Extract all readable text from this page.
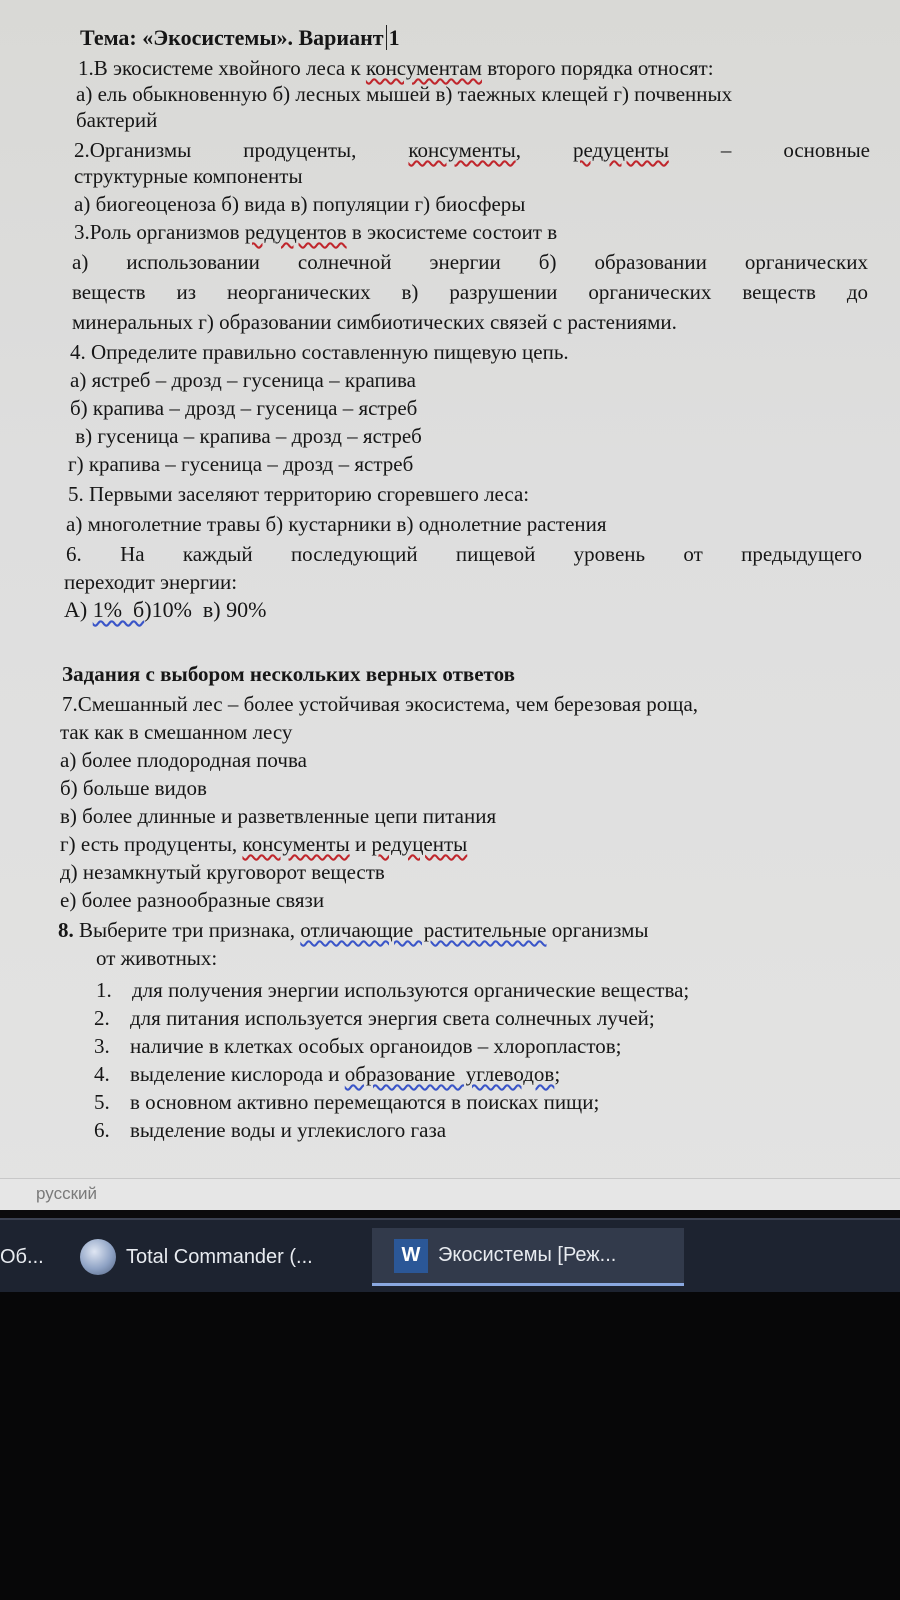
Тема: «Экосистемы». Вариант 1

1.В экосистеме хвойного леса к консументам второго порядка относят:

а) ель обыкновенную б) лесных мышей в) таежных клещей г) почвенных

бактерий

2.Организмы продуценты, консументы, редуценты – основные

структурные компоненты

а) биогеоценоза б) вида в) популяции г) биосферы

3.Роль организмов редуцентов в экосистеме состоит в

а) использовании солнечной энергии б) образовании органических

веществ из неорганических в) разрушении органических веществ до

минеральных г) образовании симбиотических связей с растениями.

4. Определите правильно составленную пищевую цепь.

а) ястреб – дрозд – гусеница – крапива

б) крапива – дрозд – гусеница – ястреб

в) гусеница – крапива – дрозд – ястреб

г) крапива – гусеница – дрозд – ястреб

5. Первыми заселяют территорию сгоревшего леса:

а) многолетние травы б) кустарники в) однолетние растения

6. На каждый последующий пищевой уровень от предыдущего

переходит энергии:

А) 1%  б)10%  в) 90%

Задания с выбором нескольких верных ответов

7.Смешанный лес – более устойчивая экосистема, чем березовая роща,

так как в смешанном лесу

а) более плодородная почва

б) больше видов

в) более длинные и разветвленные цепи питания

г) есть продуценты, консументы и редуценты

д) незамкнутый круговорот веществ

е) более разнообразные связи

8. Выберите три признака, отличающие  растительные организмы

от животных:

1. для получения энергии используются органические вещества;

2. для питания используется энергия света солнечных лучей;

3. наличие в клетках особых органоидов – хлоропластов;

4. выделение кислорода и образование  углеводов;

5. в основном активно перемещаются в поисках пищи;

6. выделение воды и углекислого газа

русский
Об...	Total Commander (...	W Экосистемы [Реж...
